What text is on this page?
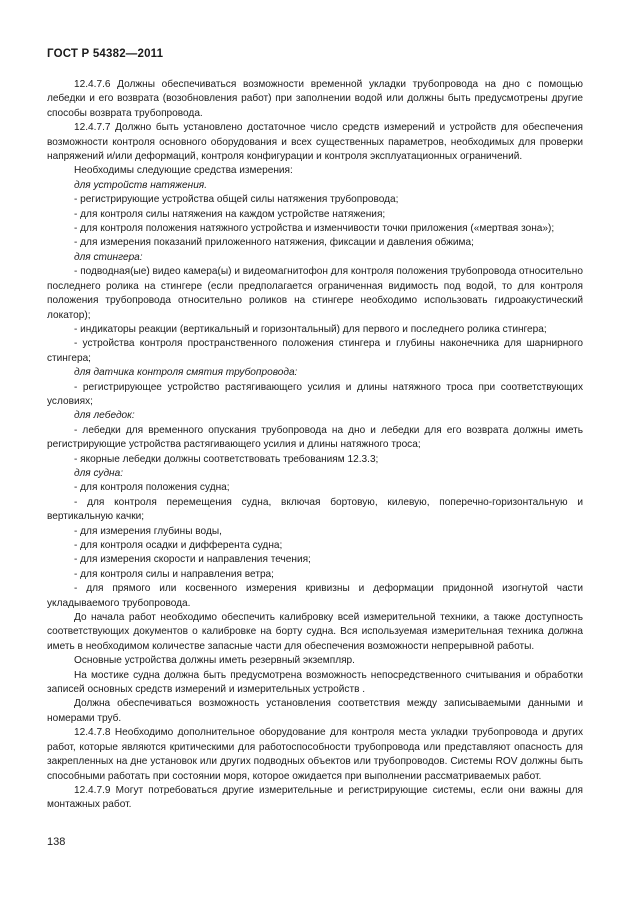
ГОСТ Р 54382—2011

12.4.7.6 Должны обеспечиваться возможности временной укладки трубопровода на дно с помощью лебедки и его возврата (возобновления работ) при заполнении водой или должны быть предусмотрены другие способы возврата трубопровода.

12.4.7.7 Должно быть установлено достаточное число средств измерений и устройств для обеспечения возможности контроля основного оборудования и всех существенных параметров, необходимых для проверки напряжений и/или деформаций, контроля конфигурации и контроля эксплуатационных ограничений.

Необходимы следующие средства измерения:

для устройств натяжения.

- регистрирующие устройства общей силы натяжения трубопровода;

- для контроля силы натяжения на каждом устройстве натяжения;

- для контроля положения натяжного устройства и изменчивости точки приложения («мертвая зона»);

- для измерения показаний приложенного натяжения, фиксации и давления обжима;

для стингера:

- подводная(ые) видео камера(ы) и видеомагнитофон для контроля положения трубопровода относительно последнего ролика на стингере (если предполагается ограниченная видимость под водой, то для контроля положения трубопровода относительно роликов на стингере необходимо использовать гидроакустический локатор);

- индикаторы реакции (вертикальный и горизонтальный) для первого и последнего ролика стингера;

- устройства контроля пространственного положения стингера и глубины наконечника для шарнирного стингера;

для датчика контроля смятия трубопровода:

- регистрирующее устройство растягивающего усилия и длины натяжного троса при соответствующих условиях;

для лебедок:

- лебедки для временного опускания трубопровода на дно и лебедки для его возврата должны иметь регистрирующие устройства растягивающего усилия и длины натяжного троса;

- якорные лебедки должны соответствовать требованиям 12.3.3;

для судна:

- для контроля положения судна;

- для контроля перемещения судна, включая бортовую, килевую, поперечно-горизонтальную и вертикальную качки;

- для измерения глубины воды,

- для контроля осадки и дифферента судна;

- для измерения скорости и направления течения;

- для контроля силы и направления ветра;

- для прямого или косвенного измерения кривизны и деформации придонной изогнутой части укладываемого трубопровода.

До начала работ необходимо обеспечить калибровку всей измерительной техники, а также доступность соответствующих документов о калибровке на борту судна. Вся используемая измерительная техника должна иметь в необходимом количестве запасные части для обеспечения возможности непрерывной работы.

Основные устройства должны иметь резервный экземпляр.

На мостике судна должна быть предусмотрена возможность непосредственного считывания и обработки записей основных средств измерений и измерительных устройств .

Должна обеспечиваться возможность установления соответствия между записываемыми данными и номерами труб.

12.4.7.8 Необходимо дополнительное оборудование для контроля места укладки трубопровода и других работ, которые являются критическими для работоспособности трубопровода или представляют опасность для закрепленных на дне установок или других подводных объектов или трубопроводов. Системы ROV должны быть способными работать при состоянии моря, которое ожидается при выполнении рассматриваемых работ.

12.4.7.9 Могут потребоваться другие измерительные и регистрирующие системы, если они важны для монтажных работ.

138
